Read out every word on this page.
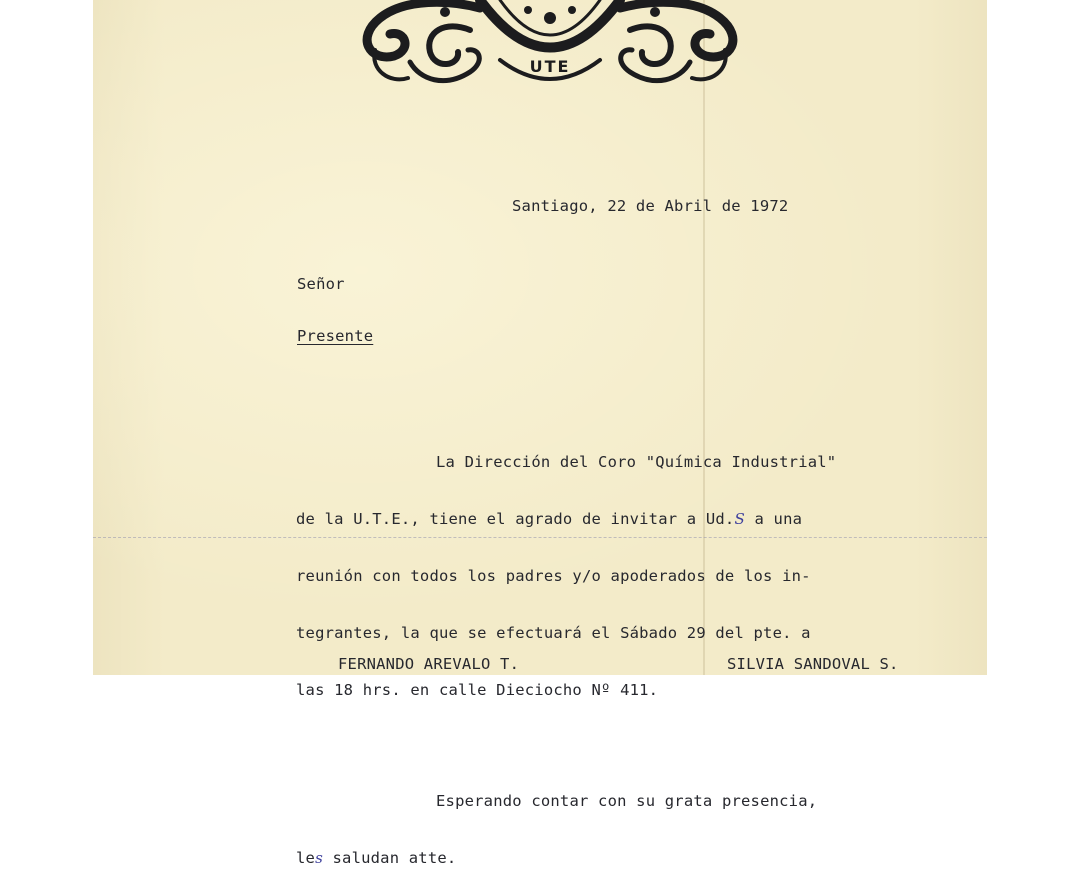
UTE
Santiago, 22 de Abril de 1972
Señor
Presente

La Dirección del Coro "Química Industrial"

de la U.T.E., tiene el agrado de invitar a Ud.S a una

reunión con todos los padres y/o apoderados de los in-

tegrantes, la que se efectuará el Sábado 29 del pte. a

las 18 hrs. en calle Dieciocho Nº 411.

Esperando contar con su grata presencia,

les saludan atte.

FERNANDO AREVALO T.	SILVIA SANDOVAL S.
